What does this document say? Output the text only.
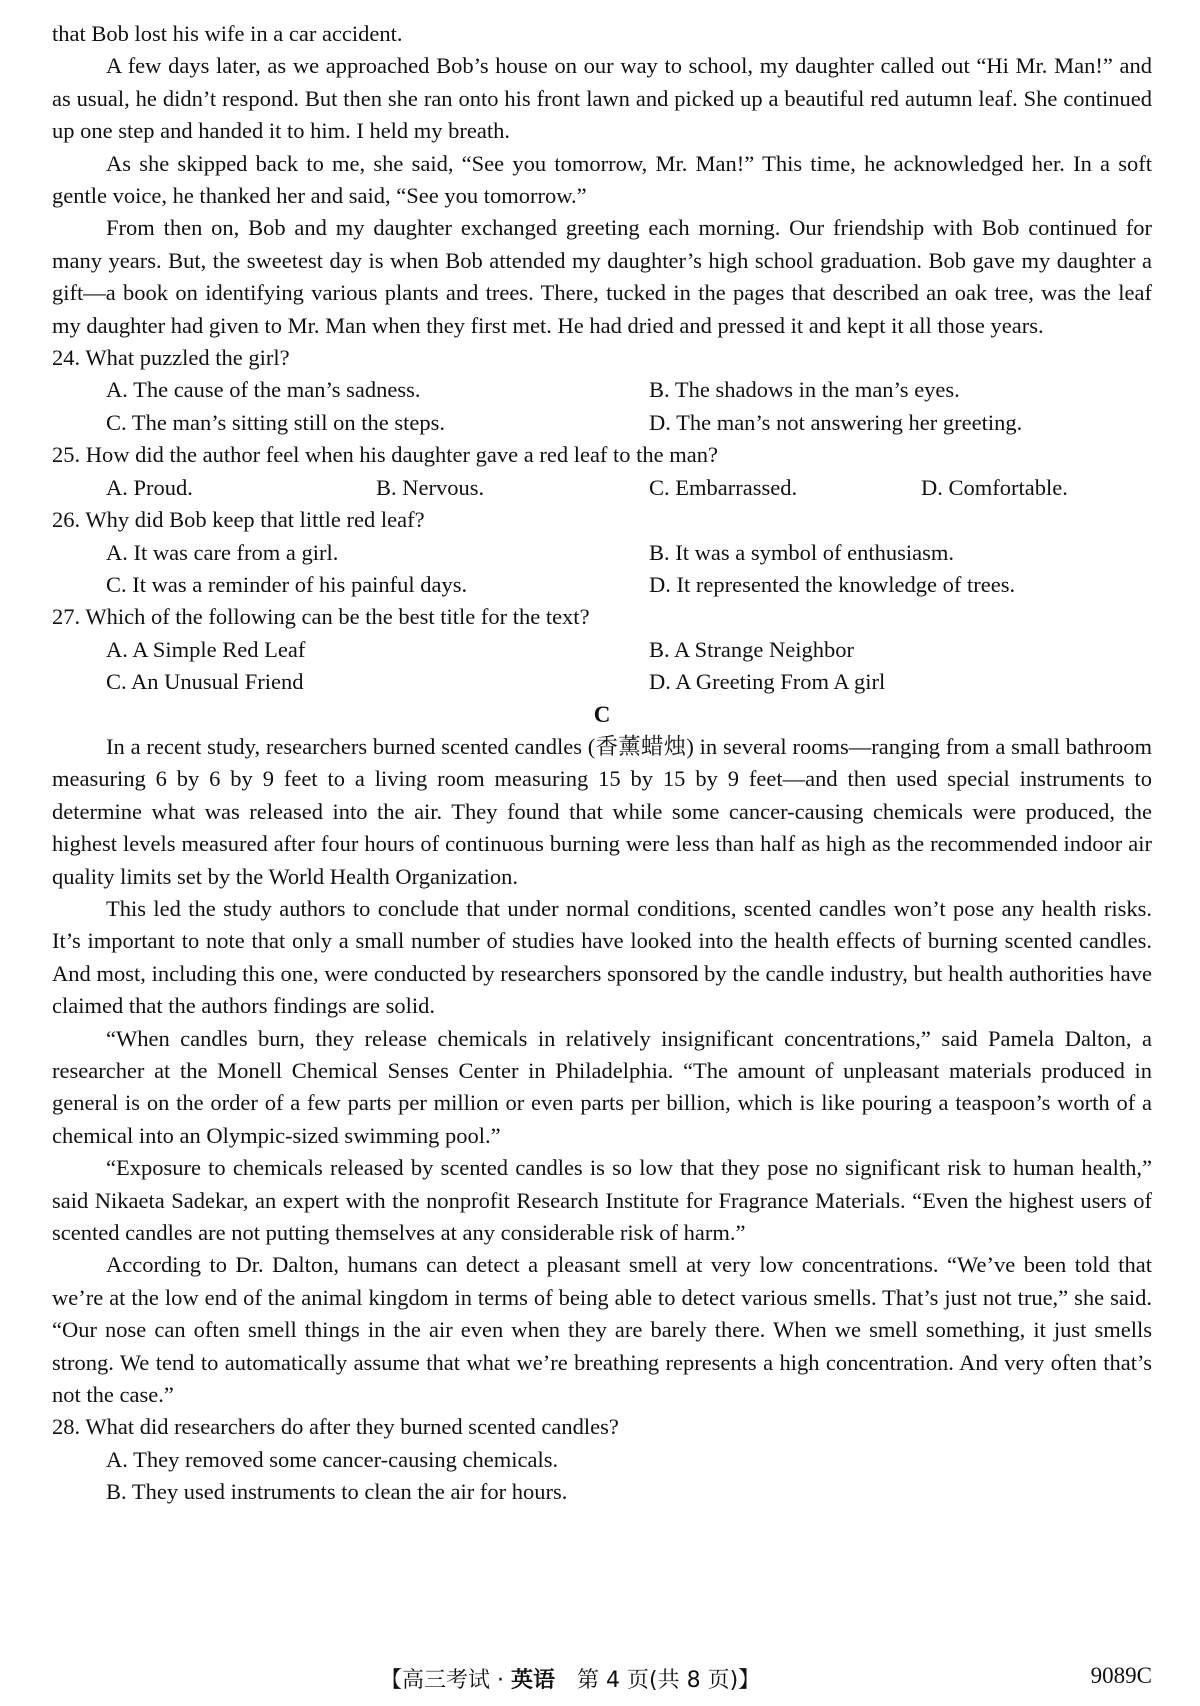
that Bob lost his wife in a car accident.

A few days later, as we approached Bob’s house on our way to school, my daughter called out “Hi Mr. Man!” and as usual, he didn’t respond. But then she ran onto his front lawn and picked up a beautiful red autumn leaf. She continued up one step and handed it to him. I held my breath.

As she skipped back to me, she said, “See you tomorrow, Mr. Man!” This time, he acknowledged her. In a soft gentle voice, he thanked her and said, “See you tomorrow.”

From then on, Bob and my daughter exchanged greeting each morning. Our friendship with Bob continued for many years. But, the sweetest day is when Bob attended my daughter’s high school graduation. Bob gave my daughter a gift—a book on identifying various plants and trees. There, tucked in the pages that described an oak tree, was the leaf my daughter had given to Mr. Man when they first met. He had dried and pressed it and kept it all those years.

24. What puzzled the girl?

A. The cause of the man’s sadness.	B. The shadows in the man’s eyes.
C. The man’s sitting still on the steps.	D. The man’s not answering her greeting.

25. How did the author feel when his daughter gave a red leaf to the man?

A. Proud.	B. Nervous.	C. Embarrassed.	D. Comfortable.

26. Why did Bob keep that little red leaf?

A. It was care from a girl.	B. It was a symbol of enthusiasm.
C. It was a reminder of his painful days.	D. It represented the knowledge of trees.

27. Which of the following can be the best title for the text?

A. A Simple Red Leaf	B. A Strange Neighbor
C. An Unusual Friend	D. A Greeting From A girl
C

In a recent study, researchers burned scented candles (香薰蜡烛) in several rooms—ranging from a small bathroom measuring 6 by 6 by 9 feet to a living room measuring 15 by 15 by 9 feet—and then used special instruments to determine what was released into the air. They found that while some cancer-causing chemicals were produced, the highest levels measured after four hours of continuous burning were less than half as high as the recommended indoor air quality limits set by the World Health Organization.

This led the study authors to conclude that under normal conditions, scented candles won’t pose any health risks. It’s important to note that only a small number of studies have looked into the health effects of burning scented candles. And most, including this one, were conducted by researchers sponsored by the candle industry, but health authorities have claimed that the authors findings are solid.

“When candles burn, they release chemicals in relatively insignificant concentrations,” said Pamela Dalton, a researcher at the Monell Chemical Senses Center in Philadelphia. “The amount of unpleasant materials produced in general is on the order of a few parts per million or even parts per billion, which is like pouring a teaspoon’s worth of a chemical into an Olympic-sized swimming pool.”

“Exposure to chemicals released by scented candles is so low that they pose no significant risk to human health,” said Nikaeta Sadekar, an expert with the nonprofit Research Institute for Fragrance Materials. “Even the highest users of scented candles are not putting themselves at any considerable risk of harm.”

According to Dr. Dalton, humans can detect a pleasant smell at very low concentrations. “We’ve been told that we’re at the low end of the animal kingdom in terms of being able to detect various smells. That’s just not true,” she said. “Our nose can often smell things in the air even when they are barely there. When we smell something, it just smells strong. We tend to automatically assume that what we’re breathing represents a high concentration. And very often that’s not the case.”

28. What did researchers do after they burned scented candles?

A. They removed some cancer-causing chemicals.
B. They used instruments to clean the air for hours.
【高三考试 · 英语　第 4 页(共 8 页)】	9089C
